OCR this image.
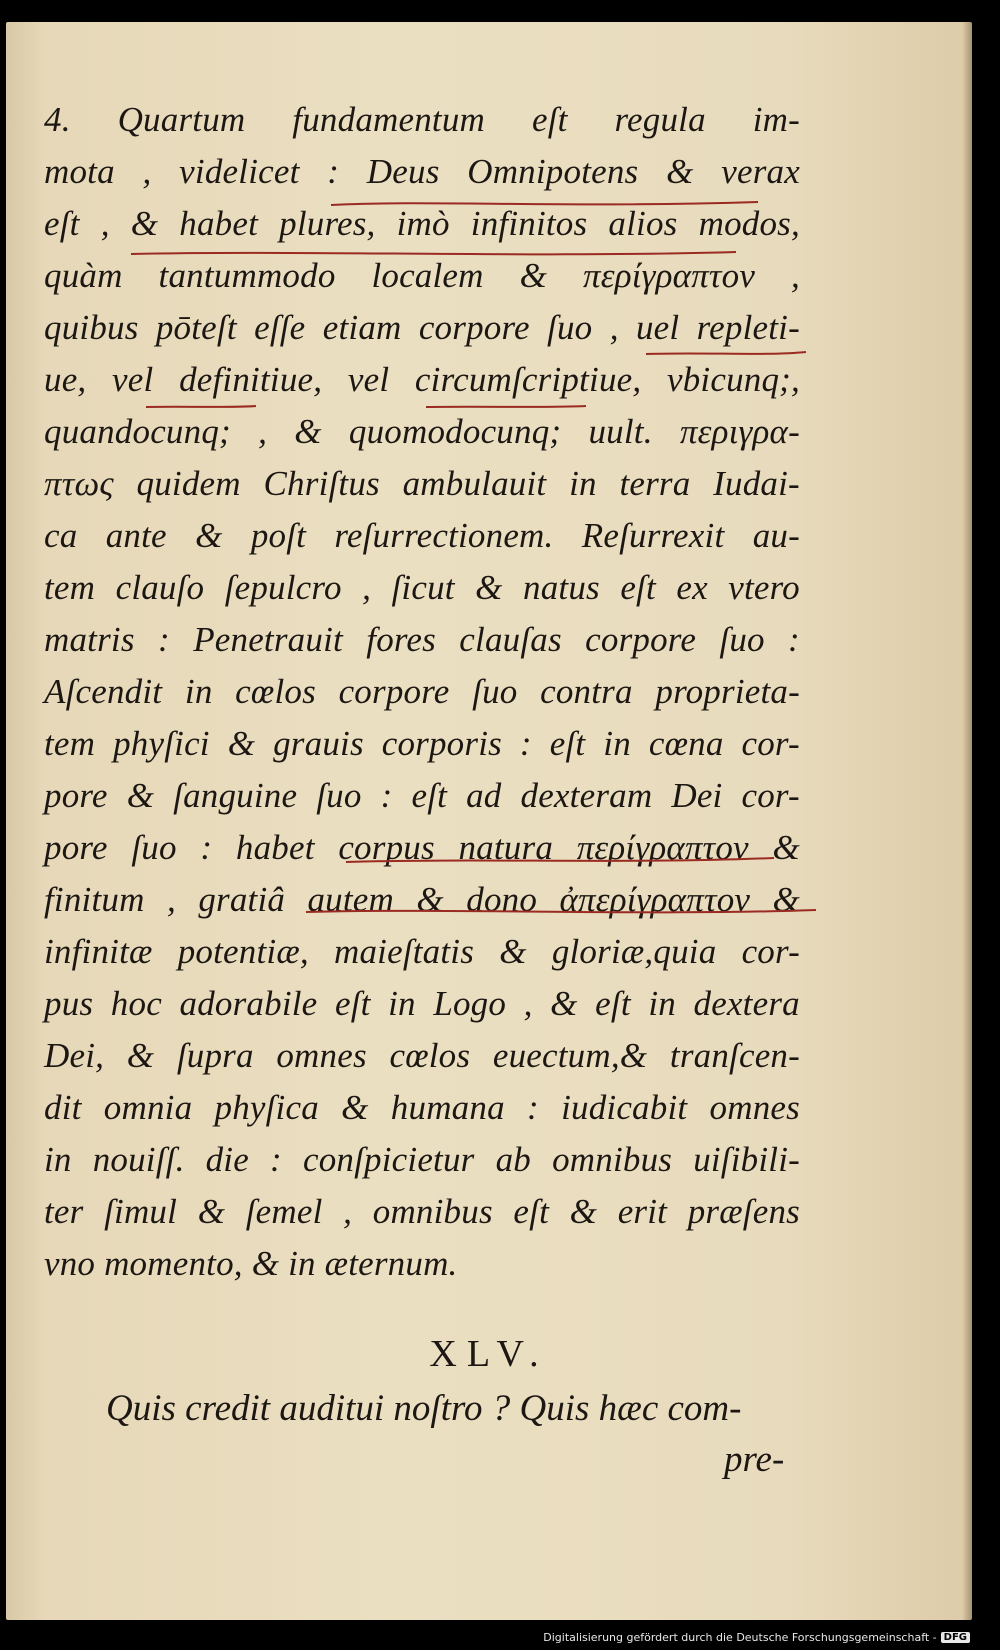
4. Quartum fundamentum eſt regula im-
mota , videlicet : Deus Omnipotens & verax
eſt , & habet plures, imò infinitos alios modos,
quàm tantummodo localem & περίγραπτον ,
quibus pōteſt eſſe etiam corpore ſuo , uel repleti-
ue, vel definitiue, vel circumſcriptiue, vbicunq;,
quandocunq; , & quomodocunq; uult. περιγρα-
πτως quidem Chriſtus ambulauit in terra Iudai-
ca ante & poſt reſurrectionem. Reſurrexit au-
tem clauſo ſepulcro , ſicut & natus eſt ex vtero
matris : Penetrauit fores clauſas corpore ſuo :
Aſcendit in cœlos corpore ſuo contra proprieta-
tem phyſici & grauis corporis : eſt in cœna cor-
pore & ſanguine ſuo : eſt ad dexteram Dei cor-
pore ſuo : habet corpus natura περίγραπτον &
finitum , gratiâ autem & dono ἀπερίγραπτον &
infinitæ potentiæ, maieſtatis & gloriæ,quia cor-
pus hoc adorabile eſt in Logo , & eſt in dextera
Dei, & ſupra omnes cœlos euectum,& tranſcen-
dit omnia phyſica & humana : iudicabit omnes
in nouiſſ. die : conſpicietur ab omnibus uiſibili-
ter ſimul & ſemel , omnibus eſt & erit præſens
vno momento, & in æternum.
XLV.
Quis credit auditui noſtro ? Quis hæc com-
pre-
Digitalisierung gefördert durch die Deutsche Forschungsgemeinschaft - DFG
